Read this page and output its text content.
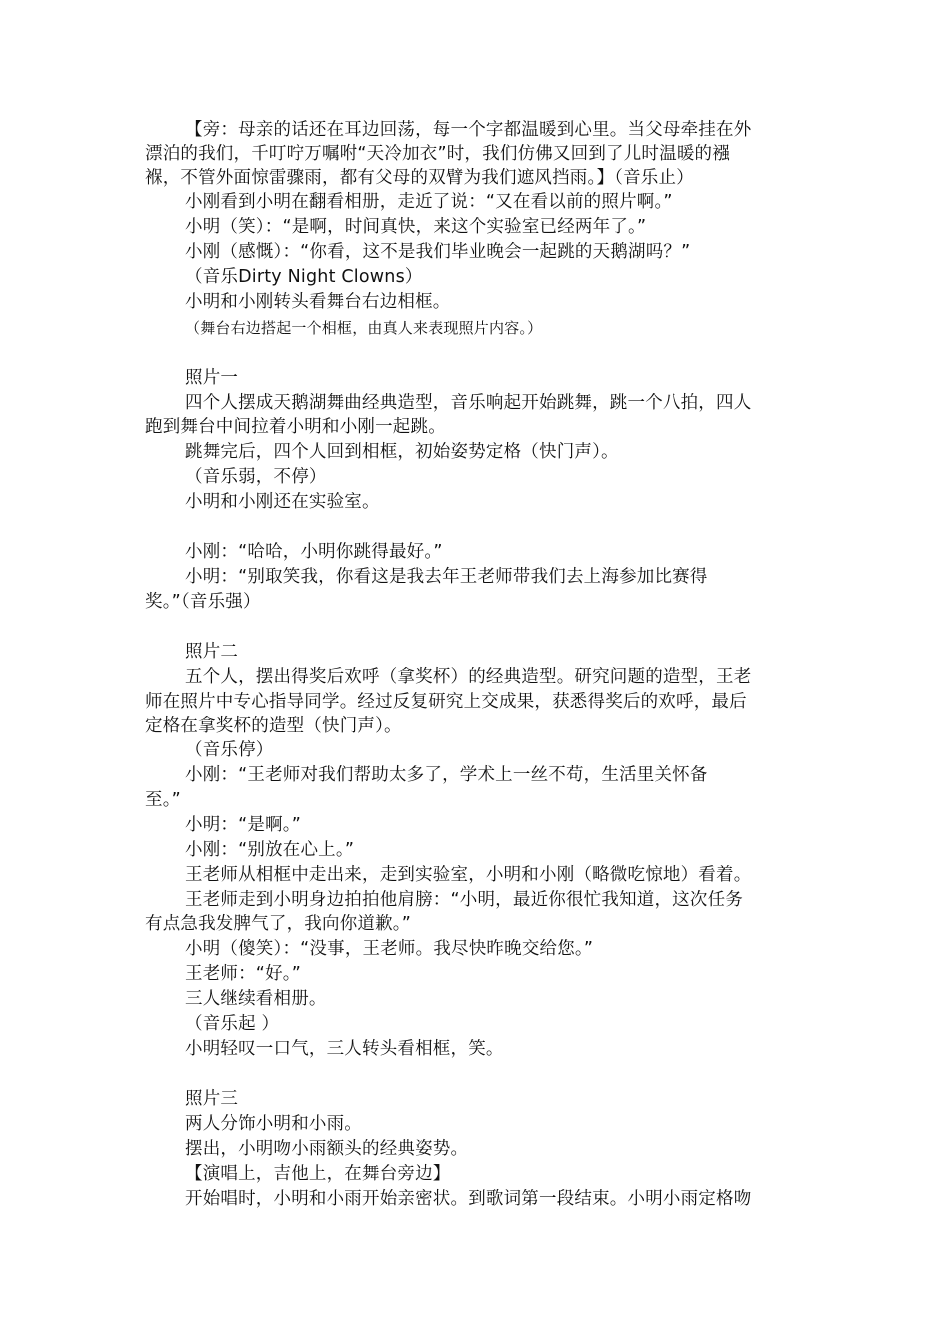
【旁：母亲的话还在耳边回荡，每一个字都温暖到心里。当父母牵挂在外

漂泊的我们，千叮咛万嘱咐“天冷加衣”时，我们仿佛又回到了儿时温暖的襁

褓，不管外面惊雷骤雨，都有父母的双臂为我们遮风挡雨。】（音乐止）

小刚看到小明在翻看相册，走近了说：“又在看以前的照片啊。”

小明（笑）：“是啊，时间真快，来这个实验室已经两年了。”

小刚（感慨）：“你看，这不是我们毕业晚会一起跳的天鹅湖吗？”

（音乐Dirty Night Clowns）

小明和小刚转头看舞台右边相框。

（舞台右边搭起一个相框，由真人来表现照片内容。）

照片一

四个人摆成天鹅湖舞曲经典造型，音乐响起开始跳舞，跳一个八拍，四人

跑到舞台中间拉着小明和小刚一起跳。

跳舞完后，四个人回到相框，初始姿势定格（快门声）。

（音乐弱，不停）

小明和小刚还在实验室。

小刚：“哈哈，小明你跳得最好。”

小明：“别取笑我，你看这是我去年王老师带我们去上海参加比赛得

奖。”（音乐强）

照片二

五个人，摆出得奖后欢呼（拿奖杯）的经典造型。研究问题的造型，王老

师在照片中专心指导同学。经过反复研究上交成果，获悉得奖后的欢呼，最后

定格在拿奖杯的造型（快门声）。

（音乐停）

小刚：“王老师对我们帮助太多了，学术上一丝不苟，生活里关怀备

至。”

小明：“是啊。”

小刚：“别放在心上。”

王老师从相框中走出来，走到实验室，小明和小刚（略微吃惊地）看着。

王老师走到小明身边拍拍他肩膀：“小明，最近你很忙我知道，这次任务

有点急我发脾气了，我向你道歉。”

小明（傻笑）：“没事，王老师。我尽快昨晚交给您。”

王老师：“好。”

三人继续看相册。

（音乐起 ）

小明轻叹一口气，三人转头看相框，笑。

照片三

两人分饰小明和小雨。

摆出，小明吻小雨额头的经典姿势。

【演唱上，吉他上，在舞台旁边】

开始唱时，小明和小雨开始亲密状。到歌词第一段结束。小明小雨定格吻
